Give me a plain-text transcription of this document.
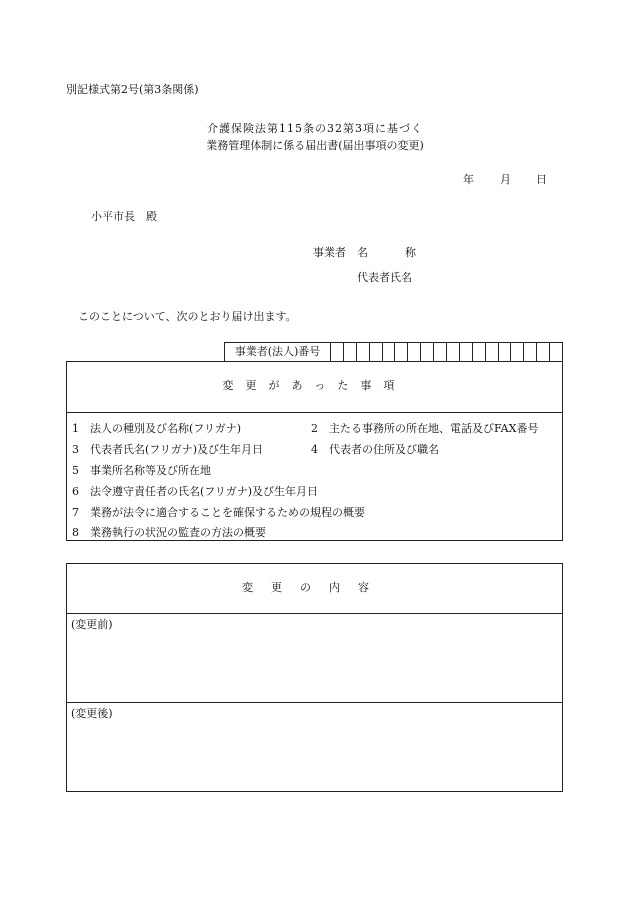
別記様式第2号(第3条関係)
介護保険法第115条の32第3項に基づく
業務管理体制に係る届出書(届出事項の変更)
年 月 日
小平市長　殿
事業者　名	称
代表者氏名
このことについて、次のとおり届け出ます。
事業者(法人)番号
変更があった事項
1　法人の種別及び名称(フリガナ)	2　主たる事務所の所在地、電話及びFAX番号
3　代表者氏名(フリガナ)及び生年月日	4　代表者の住所及び職名
5　事業所名称等及び所在地
6　法令遵守責任者の氏名(フリガナ)及び生年月日
7　業務が法令に適合することを確保するための規程の概要
8　業務執行の状況の監査の方法の概要
変更の内容
(変更前)
(変更後)
